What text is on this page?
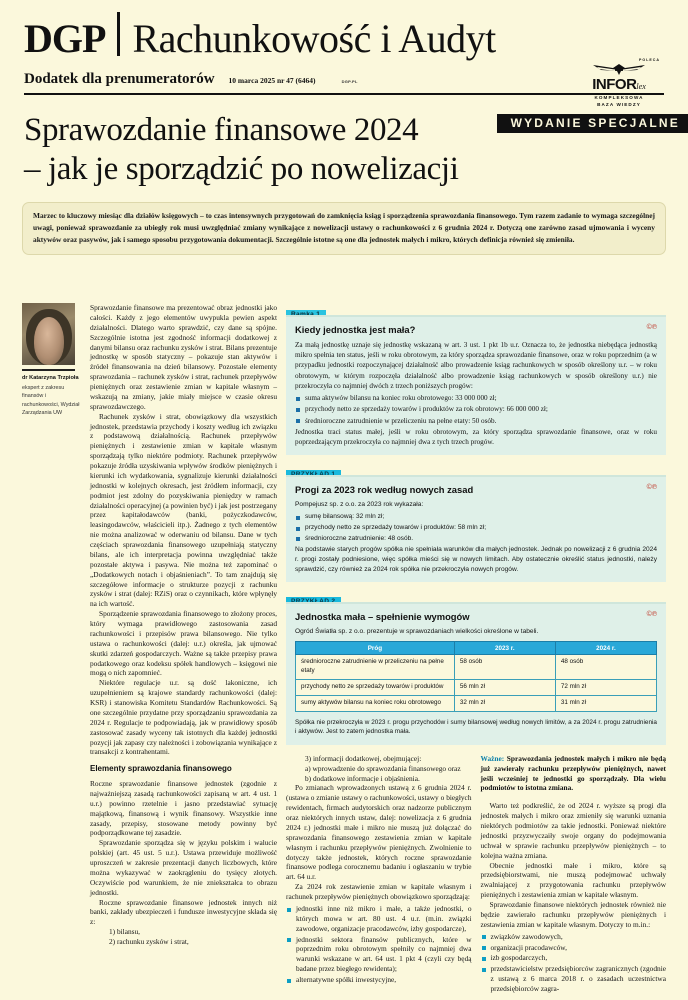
DGP Rachunkowość i Audyt
Dodatek dla prenumeratorów 10 marca 2025 nr 47 (6464)	DGP.PL
POLECA
INFORlex
KOMPLEKSOWA
BAZA WIEDZY
WYDANIE SPECJALNE
Sprawozdanie finansowe 2024
– jak je sporządzić po nowelizacji
Marzec to kluczowy miesiąc dla działów księgowych – to czas intensywnych przygotowań do zamknięcia ksiąg i sporządzenia sprawozdania finansowego. Tym razem zadanie to wymaga szczególnej uwagi, ponieważ sprawozdanie za ubiegły rok musi uwzględniać zmiany wynikające z nowelizacji ustawy o rachunkowości z 6 grudnia 2024 r. Dotyczą one zarówno zasad ujmowania i wyceny aktywów oraz pasywów, jak i samego sposobu przygotowania dokumentacji. Szczególnie istotne są one dla jednostek małych i mikro, których definicja również się zmieniła.
dr Katarzyna Trzpioła
ekspert z zakresu finansów i rachunkowości, Wydział Zarządzania UW

Sprawozdanie finansowe ma prezentować obraz jednostki jako całości. Każdy z jego elementów uwypukla pewien aspekt działalności. Dlatego warto sprawdzić, czy dane są spójne. Szczególnie istotna jest zgodność informacji dodatkowej z danymi bilansu oraz rachunku zysków i strat. Bilans prezentuje jednostkę w sposób statyczny – pokazuje stan aktywów i źródeł finansowania na dzień bilansowy. Pozostałe elementy sprawozdania – rachunek zysków i strat, rachunek przepływów pieniężnych oraz zestawienie zmian w kapitale własnym – wskazują na zmiany, jakie miały miejsce w czasie okresu sprawozdawczego.

Rachunek zysków i strat, obowiązkowy dla wszystkich jednostek, przedstawia przychody i koszty według ich związku z podstawową działalnością. Rachunek przepływów pieniężnych i zestawienie zmian w kapitale własnym sporządzają tylko niektóre podmioty. Rachunek przepływów pokazuje źródła uzyskiwania wpływów środków pieniężnych i kierunki ich wydatkowania, sygnalizuje kierunki działalności jednostki w kolejnych okresach, jest źródłem informacji, czy podmiot jest zdolny do pozyskiwania pieniędzy w ramach działalności operacyjnej (a powinien być) i jak jest postrzegany przez kapitałodawców (banki, pożyczkodawców, leasingodawców, właścicieli itp.). Żadnego z tych elementów nie można analizować w oderwaniu od bilansu. Dane w tych częściach sprawozdania finansowego uzupełniają statyczny bilans, ale ich interpretacja powinna uwzględniać także pozostałe aktywa i pasywa. Nie można też zapominać o „Dodatkowych notach i objaśnieniach”. To tam znajdują się szczegółowe informacje o strukturze pozycji z rachunku zysków i strat (dalej: RZiS) oraz o czynnikach, które wpłynęły na ich wartość.

Sporządzenie sprawozdania finansowego to złożony proces, który wymaga prawidłowego zastosowania zasad rachunkowości i przepisów prawa bilansowego. Nie tylko ustawa o rachunkowości (dalej: u.r.) określa, jak ujmować skutki zdarzeń gospodarczych. Ważne są także przepisy prawa podatkowego oraz kodeksu spółek handlowych – księgowi nie mogą o nich zapomnieć.

Niektóre regulacje u.r. są dość lakoniczne, ich uzupełnieniem są krajowe standardy rachunkowości (dalej: KSR) i stanowiska Komitetu Standardów Rachunkowości. Są one szczególnie przydatne przy sporządzaniu sprawozdania za 2024 r. Regulacje te podpowiadają, jak w prawidłowy sposób zastosować zasady wyceny tak istotnych dla każdej jednostki pozycji jak zapasy czy należności i zobowiązania wynikające z transakcji z kontrahentami.

Elementy sprawozdania finansowego

Roczne sprawozdanie finansowe jednostek (zgodnie z najważniejszą zasadą rachunkowości zapisaną w art. 4 ust. 1 u.r.) powinno rzetelnie i jasno przedstawiać sytuację majątkową, finansową i wynik finansowy. Wszystkie inne zasady, przepisy, stosowane metody powinny być podporządkowane tej zasadzie.

Sprawozdanie sporządza się w języku polskim i walucie polskiej (art. 45 ust. 5 u.r.). Ustawa przewiduje możliwość uproszczeń w zakresie prezentacji danych liczbowych, które można wykazywać w zaokrągleniu do tysięcy złotych. Oczywiście pod warunkiem, że nie zniekształca to obrazu jednostki.

Roczne sprawozdanie finansowe jednostek innych niż banki, zakłady ubezpieczeń i fundusze inwestycyjne składa się z:

1) bilansu,

2) rachunku zysków i strat,

©℗
Kiedy jednostka jest mała?
Za małą jednostkę uznaje się jednostkę wskazaną w art. 3 ust. 1 pkt 1b u.r. Oznacza to, że jednostka niebędąca jednostką mikro spełnia ten status, jeśli w roku obrotowym, za który sporządza sprawozdanie finansowe, oraz w roku poprzednim (a w przypadku jednostki rozpoczynającej działalność albo prowadzenie ksiąg rachunkowych w sposób określony u.r. – w roku obrotowym, w którym rozpoczęła działalność albo prowadzenie ksiąg rachunkowych w sposób określony u.r.) nie przekroczyła co najmniej dwóch z trzech poniższych progów:
suma aktywów bilansu na koniec roku obrotowego: 33 000 000 zł;
przychody netto ze sprzedaży towarów i produktów za rok obrotowy: 66 000 000 zł;
średnioroczne zatrudnienie w przeliczeniu na pełne etaty: 50 osób.
Jednostka traci status małej, jeśli w roku obrotowym, za który sporządza sprawozdanie finansowe, oraz w roku poprzedzającym przekroczyła co najmniej dwa z tych trzech progów.
©℗
Progi za 2023 rok według nowych zasad
Pompejusz sp. z o.o. za 2023 rok wykazała:
sumę bilansową: 32 mln zł;
przychody netto ze sprzedaży towarów i produktów: 58 mln zł;
średnioroczne zatrudnienie: 48 osób.
Na podstawie starych progów spółka nie spełniała warunków dla małych jednostek. Jednak po nowelizacji z 6 grudnia 2024 r. progi zostały podniesione, więc spółka mieści się w nowych limitach. Aby ostatecznie określić status jednostki, należy sprawdzić, czy również za 2024 rok spółka nie przekroczyła nowych progów.
©℗
Jednostka mała – spełnienie wymogów
Ogród Światła sp. z o.o. prezentuje w sprawozdaniach wielkości określone w tabeli.
Próg	2023 r.	2024 r.
średnioroczne zatrudnienie w przeliczeniu na pełne etaty	58 osób	48 osób
przychody netto ze sprzedaży towarów i produktów	56 mln zł	72 mln zł
sumy aktywów bilansu na koniec roku obrotowego	32 mln zł	31 mln zł
Spółka nie przekroczyła w 2023 r. progu przychodów i sumy bilansowej według nowych limitów, a za 2024 r. progu zatrudnienia i aktywów. Jest to zatem jednostka mała.

3) informacji dodatkowej, obejmującej:

a) wprowadzenie do sprawozdania finansowego oraz

b) dodatkowe informacje i objaśnienia.

Po zmianach wprowadzonych ustawą z 6 grudnia 2024 r. (ustawa o zmianie ustawy o rachunkowości, ustawy o biegłych rewidentach, firmach audytorskich oraz nadzorze publicznym oraz niektórych innych ustaw, dalej: nowelizacja z 6 grudnia 2024 r.) jednostki małe i mikro nie muszą już dołączać do sprawozdania finansowego zestawienia zmian w kapitale własnym i rachunku przepływów pieniężnych. Zwolnienie to dotyczy także jednostek, których roczne sprawozdanie finansowe podlega corocznemu badaniu i ogłaszaniu w trybie art. 64 u.r.

Za 2024 rok zestawienie zmian w kapitale własnym i rachunek przepływów pieniężnych obowiązkowo sporządzają:

jednostki inne niż mikro i małe, a także jednostki, o których mowa w art. 80 ust. 4 u.r. (m.in. związki zawodowe, organizacje pracodawców, izby gospodarcze),
jednostki sektora finansów publicznych, które w poprzednim roku obrotowym spełniły co najmniej dwa warunki wskazane w art. 64 ust. 1 pkt 4 (czyli czy będą badane przez biegłego rewidenta);
alternatywne spółki inwestycyjne,
Ważne: Sprawozdania jednostek małych i mikro nie będą już zawierały rachunku przepływów pieniężnych, nawet jeśli wcześniej te jednostki go sporządzały. Dla wielu podmiotów to istotna zmiana.

Warto też podkreślić, że od 2024 r. wyższe są progi dla jednostek małych i mikro oraz zmieniły się warunki uznania niektórych podmiotów za takie jednostki. Ponieważ niektóre jednostki przyzwyczaiły swoje organy do podejmowania uchwał w sprawie rachunku przepływów pieniężnych – to kolejna ważna zmiana.

Obecnie jednostki małe i mikro, które są przedsiębiorstwami, nie muszą podejmować uchwały zwalniającej z przygotowania rachunku przepływów pieniężnych i zestawienia zmian w kapitale własnym.

Sprawozdanie finansowe niektórych jednostek również nie będzie zawierało rachunku przepływów pieniężnych i zestawienia zmian w kapitale własnym. Dotyczy to m.in.:

związków zawodowych,
organizacji pracodawców,
izb gospodarczych,
przedstawicielstw przedsiębiorców zagranicznych (zgodnie z ustawą z 6 marca 2018 r. o zasadach uczestnictwa przedsiębiorców zagra-
